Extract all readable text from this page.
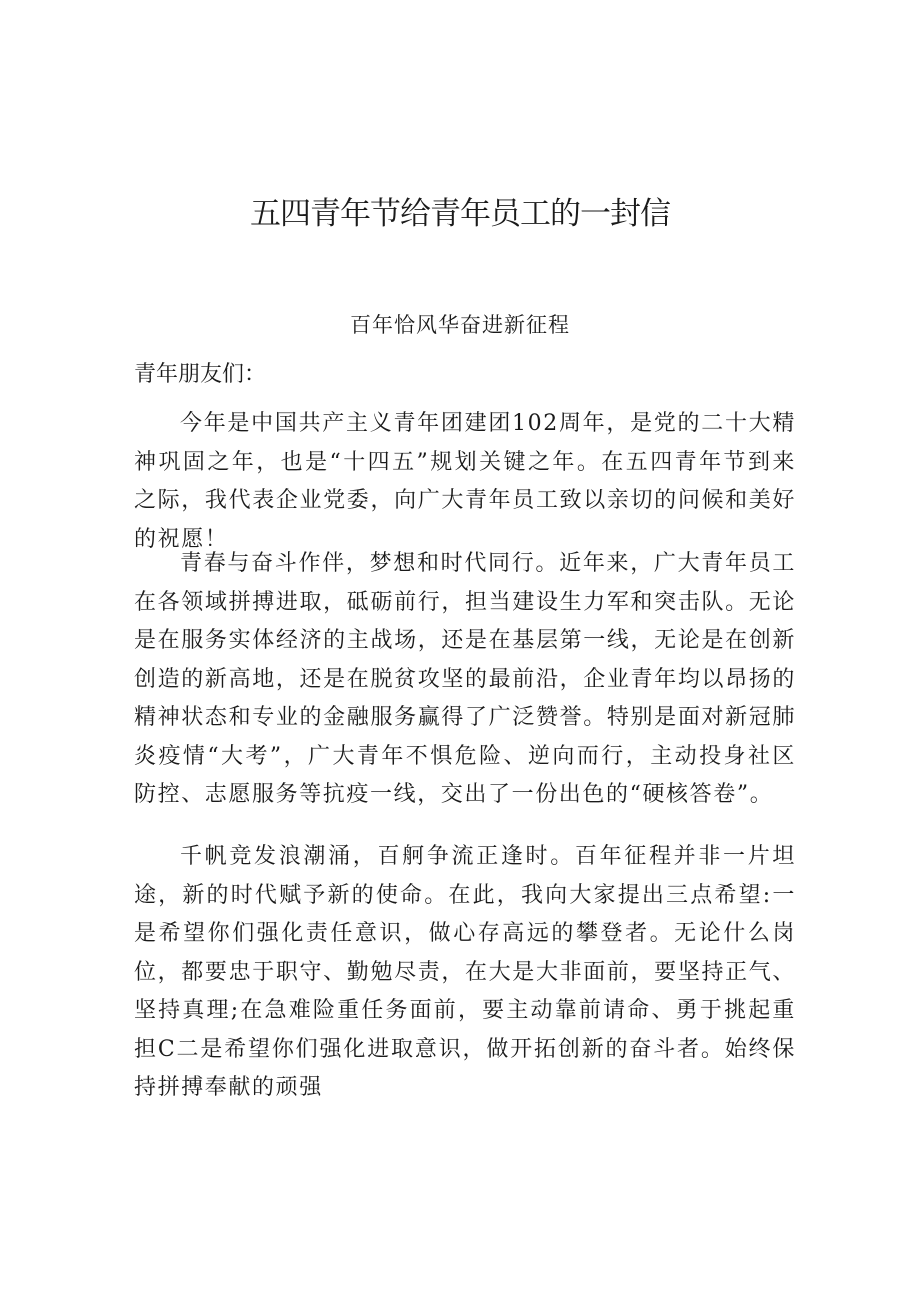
五四青年节给青年员工的一封信

百年恰风华奋进新征程

青年朋友们：

今年是中国共产主义青年团建团102周年，是党的二十大精神巩固之年，也是“十四五”规划关键之年。在五四青年节到来之际，我代表企业党委，向广大青年员工致以亲切的问候和美好的祝愿！

青春与奋斗作伴，梦想和时代同行。近年来，广大青年员工在各领域拼搏进取，砥砺前行，担当建设生力军和突击队。无论是在服务实体经济的主战场，还是在基层第一线，无论是在创新创造的新高地，还是在脱贫攻坚的最前沿，企业青年均以昂扬的精神状态和专业的金融服务赢得了广泛赞誉。特别是面对新冠肺炎疫情“大考”，广大青年不惧危险、逆向而行，主动投身社区防控、志愿服务等抗疫一线，交出了一份出色的“硬核答卷”。

千帆竞发浪潮涌，百舸争流正逢时。百年征程并非一片坦途，新的时代赋予新的使命。在此，我向大家提出三点希望:一是希望你们强化责任意识，做心存高远的攀登者。无论什么岗位，都要忠于职守、勤勉尽责，在大是大非面前，要坚持正气、坚持真理;在急难险重任务面前，要主动靠前请命、勇于挑起重担C二是希望你们强化进取意识，做开拓创新的奋斗者。始终保持拼搏奉献的顽强
